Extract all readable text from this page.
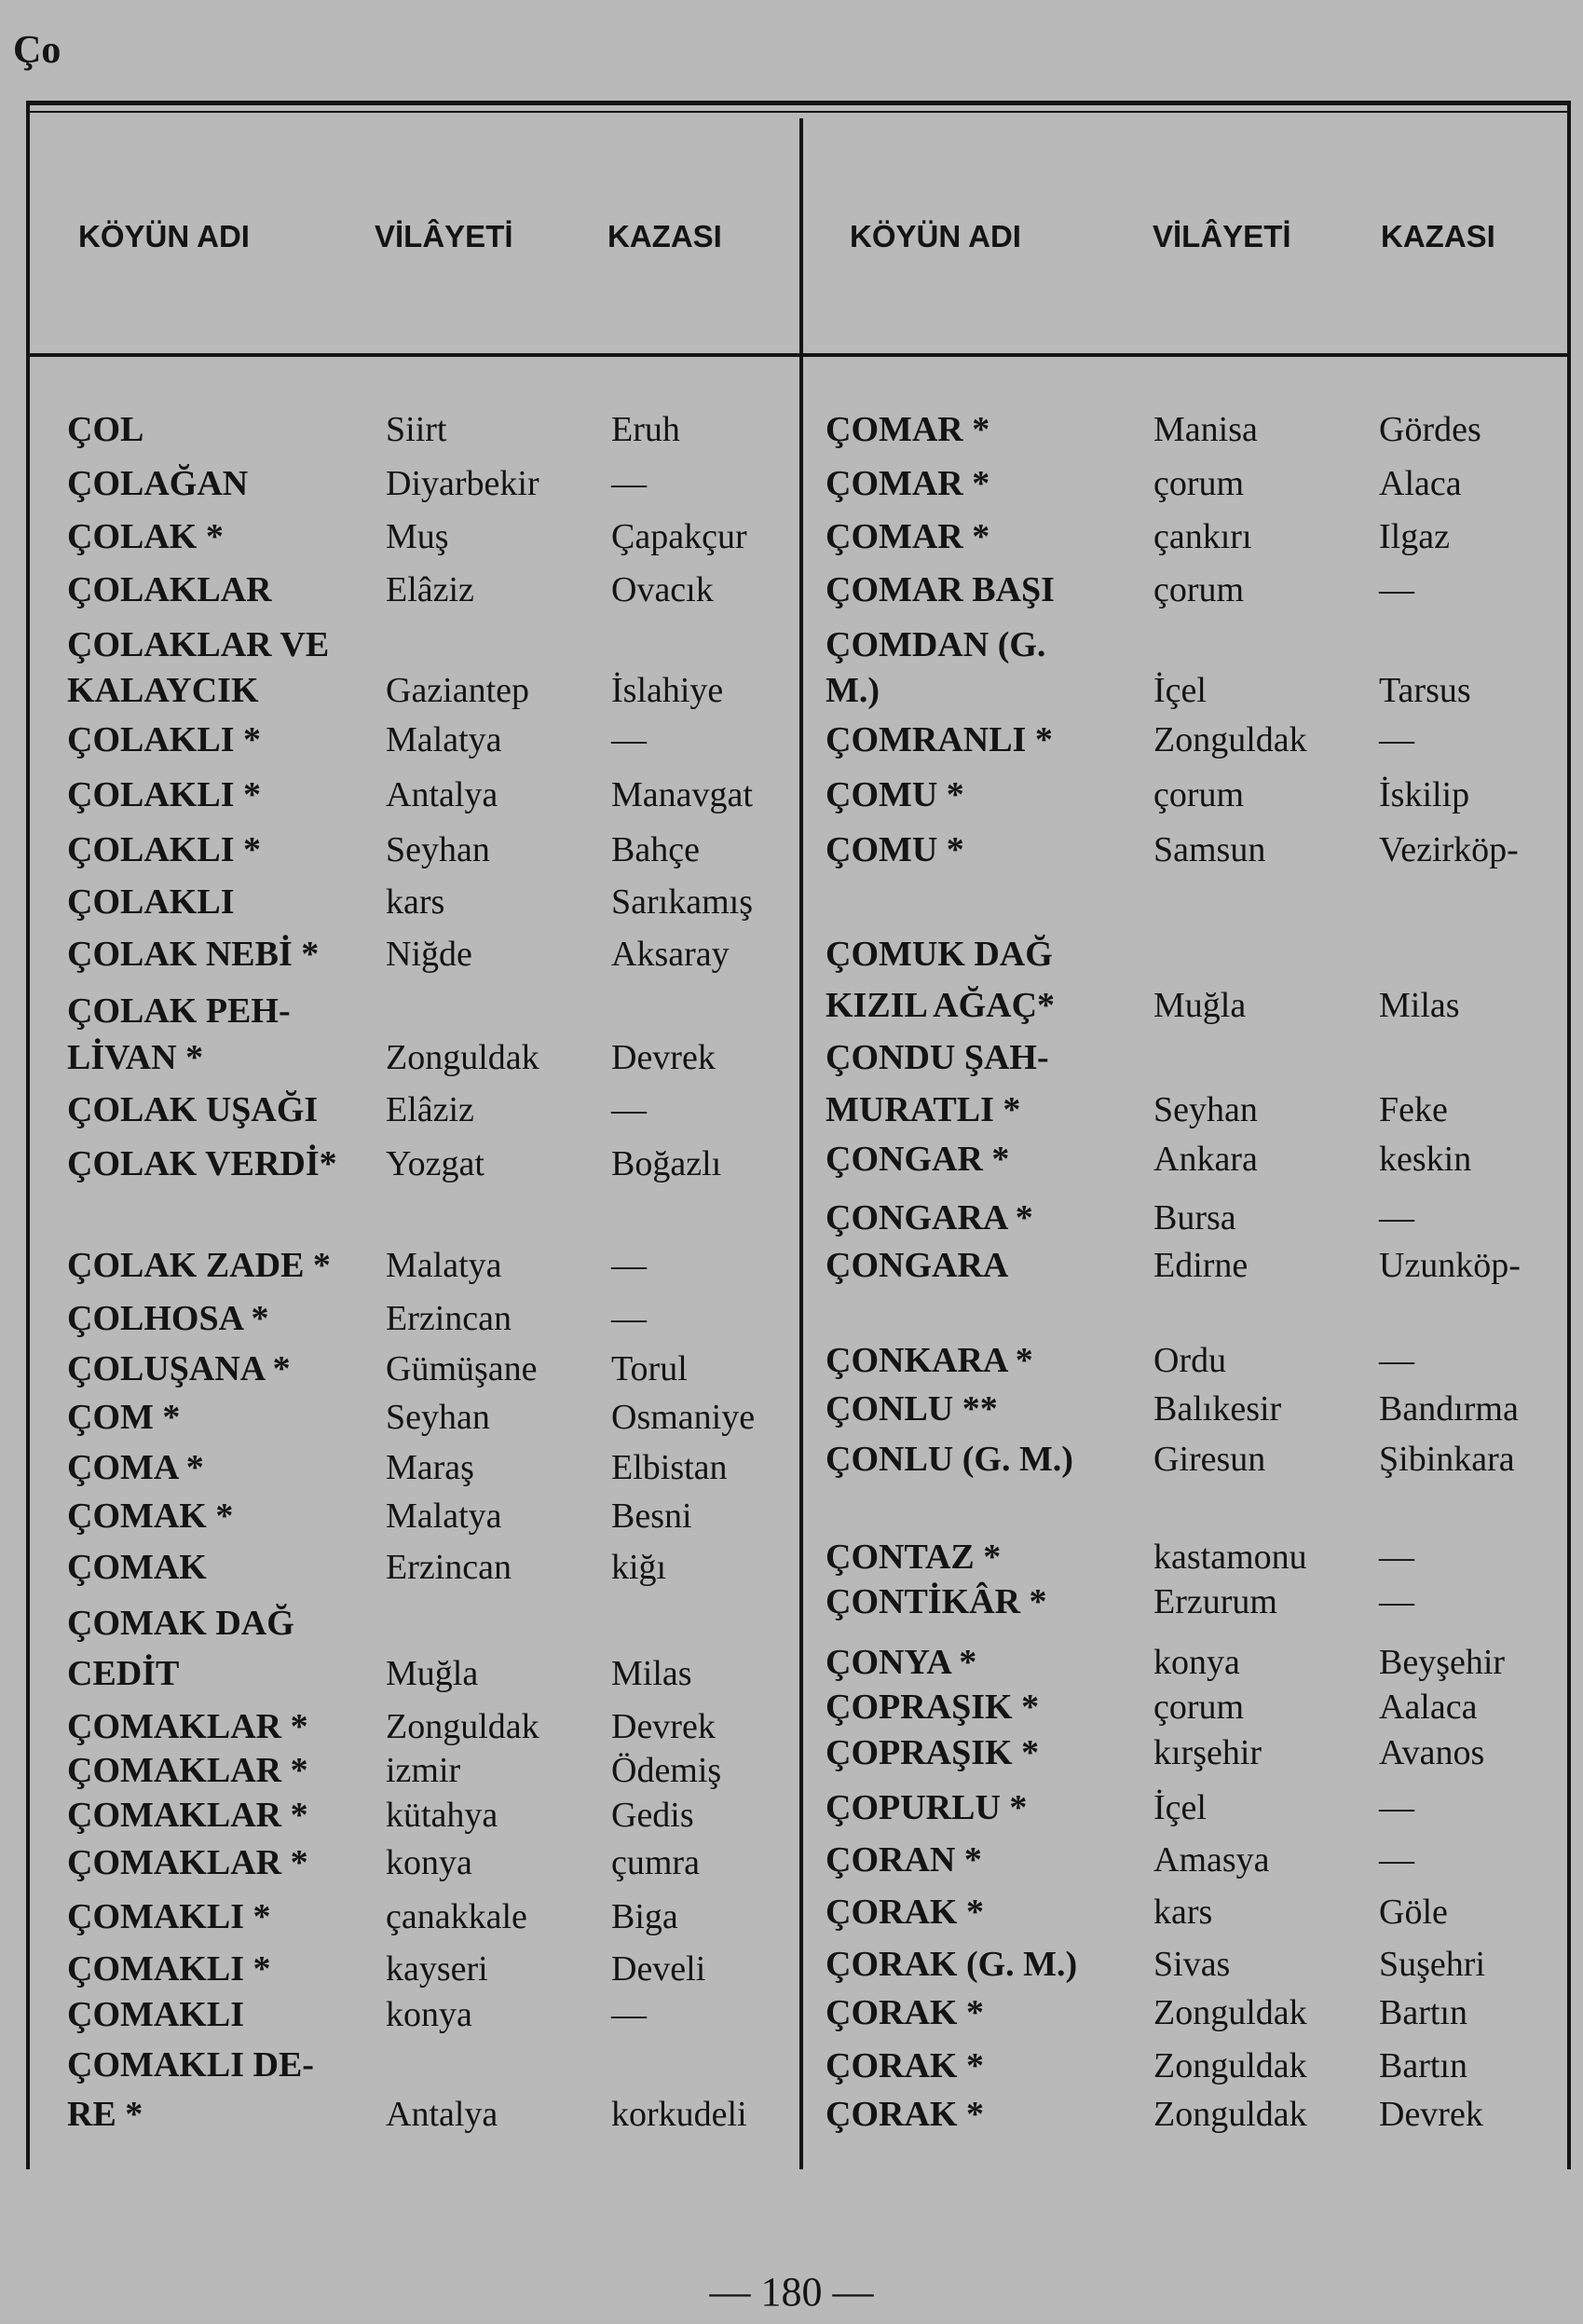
Ço
KÖYÜN ADI	VİLÂYETİ	KAZASI	KÖYÜN ADI	VİLÂYETİ	KAZASI
ÇOL	Siirt	Eruh
ÇOLAĞAN	Diyarbekir —
ÇOLAK *	Muş	Çapakçur
ÇOLAKLAR	Elâziz	Ovacık
ÇOLAKLAR VE
KALAYCIK	Gaziantep İslahiye
ÇOLAKLI *	Malatya	—
ÇOLAKLI *	Antalya	Manavgat
ÇOLAKLI *	Seyhan	Bahçe
ÇOLAKLI	kars	Sarıkamış
ÇOLAK NEBİ * Niğde	Aksaray
ÇOLAK PEH-
LİVAN *	Zonguldak Devrek
ÇOLAK UŞAĞI Elâziz	—
ÇOLAK VERDİ* Yozgat	Boğazlı
ÇOLAK ZADE * Malatya	—
ÇOLHOSA *	Erzincan	—
ÇOLUŞANA *	Gümüşane Torul
ÇOM *	Seyhan	Osmaniye
ÇOMA *	Maraş	Elbistan
ÇOMAK *	Malatya	Besni
ÇOMAK	Erzincan	kiğı
ÇOMAK DAĞ
CEDİT	Muğla	Milas
ÇOMAKLAR * Zonguldak Devrek
ÇOMAKLAR * izmir	Ödemiş
ÇOMAKLAR * kütahya	Gedis
ÇOMAKLAR * konya	çumra
ÇOMAKLI *	çanakkale Biga
ÇOMAKLI *	kayseri	Develi
ÇOMAKLI	konya	—
ÇOMAKLI DE-
RE *	Antalya	korkudeli
ÇOMAR *	Manisa	Gördes
ÇOMAR *	çorum	Alaca
ÇOMAR *	çankırı	Ilgaz
ÇOMAR BAŞI	çorum	—
ÇOMDAN (G.
M.)	İçel	Tarsus
ÇOMRANLI *	Zonguldak —
ÇOMU *	çorum	İskilip
ÇOMU *	Samsun	Vezirköp-
ÇOMUK DAĞ
KIZIL AĞAÇ*	Muğla	Milas
ÇONDU ŞAH-
MURATLI *	Seyhan	Feke
ÇONGAR *	Ankara	keskin
ÇONGARA *	Bursa	—
ÇONGARA	Edirne	Uzunköp-
ÇONKARA *	Ordu	—
ÇONLU **	Balıkesir	Bandırma
ÇONLU (G. M.) Giresun	Şibinkara
ÇONTAZ *	kastamonu —
ÇONTİKÂR *	Erzurum	—
ÇONYA *	konya	Beyşehir
ÇOPRAŞIK *	çorum	Aalaca
ÇOPRAŞIK *	kırşehir	Avanos
ÇOPURLU *	İçel	—
ÇORAN *	Amasya	—
ÇORAK *	kars	Göle
ÇORAK (G. M.) Sivas	Suşehri
ÇORAK *	Zonguldak Bartın
ÇORAK *	Zonguldak Bartın
ÇORAK *	Zonguldak Devrek
— 180 —
